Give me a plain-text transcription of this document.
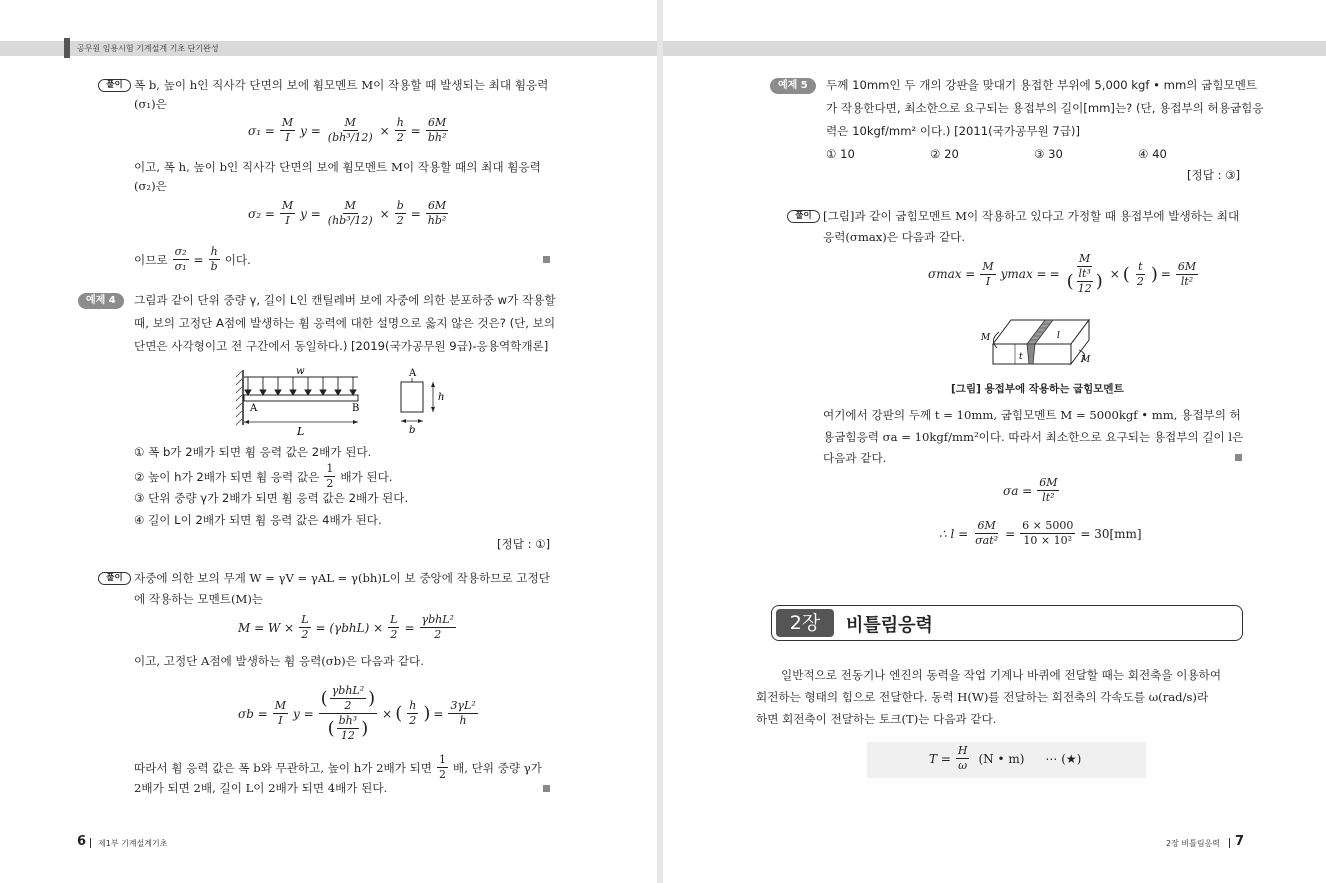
공무원 임용시험 기계설계 기초 단기완성
풀이 폭 b, 높이 h인 직사각 단면의 보에 휨모멘트 M이 작용할 때 발생되는 최대 휨응력
(σ₁)은
$\sigma_1 = \frac{M}{I}$ $y = \frac{M}{\text{(bh³/12)}} \times \frac{h}{2} = \frac{6M}{\text{bh²}}$
이고, 폭 h, 높이 b인 직사각 단면의 보에 휨모멘트 M이 작용할 때의 최대 휨응력
(σ₂)은
$\sigma_2 = \frac{M}{I}$ $y = \frac{M}{\text{(hb³/12)}} \times \frac{b}{2} = \frac{6M}{\text{hb²}}$
이므로 $\frac{\text{σ₂}}{\text{σ₁}} = \frac{h}{b}$ 이다.
예제 4	그림과 같이 단위 중량 γ, 길이 L인 캔틸레버 보에 자중에 의한 분포하중 w가 작용할
때, 보의 고정단 A점에 발생하는 휨 응력에 대한 설명으로 옳지 않은 것은? (단, 보의
단면은 사각형이고 전 구간에서 동일하다.) [2019(국가공무원 9급)-응용역학개론]
w
A	B
L
A
h
b
① 폭 b가 2배가 되면 휨 응력 값은 2배가 된다.
② 높이 h가 2배가 되면 휨 응력 값은 $\frac{1}{2}$ 배가 된다.
③ 단위 중량 γ가 2배가 되면 휨 응력 값은 2배가 된다.
④ 길이 L이 2배가 되면 휨 응력 값은 4배가 된다.
[정답 : ①]
풀이 자중에 의한 보의 무게 W = γV = γAL = γ(bh)L이 보 중앙에 작용하므로 고정단
에 작용하는 모멘트(M)는
$M = W \times \frac{L}{2} = (\gamma bhL) \times \frac{L}{2} = \frac{\text{γbhL²}}{2}$
이고, 고정단 A점에 발생하는 휨 응력(σb)은 다음과 같다.
$\sigma b = \frac{M}{I}$ $y = \frac{( \frac{\text{γbhL²}}{2} )}{( \frac{\text{bh³}}{12} )}$ × ( $\frac{h}{2}$ ) = $\frac{\text{3γL²}}{h}$
따라서 휨 응력 값은 폭 b와 무관하고, 높이 h가 2배가 되면 $\frac{1}{2}$ 배, 단위 중량 γ가
2배가 되면 2배, 길이 L이 2배가 되면 4배가 된다.
6 제1부 기계설계기초
예제 5	두께 10mm인 두 개의 강판을 맞대기 용접한 부위에 5,000 kgf • mm의 굽힘모멘트
가 작용한다면, 최소한으로 요구되는 용접부의 길이[mm]는? (단, 용접부의 허용굽힘응
력은 10kgf/mm² 이다.) [2011(국가공무원 7급)]
① 10	② 20	③ 30	④ 40
[정답 : ③]
풀이 [그림]과 같이 굽힘모멘트 M이 작용하고 있다고 가정할 때 용접부에 발생하는 최대
응력(σmax)은 다음과 같다.
$\sigma\max = \frac{M}{I}$ ymax = = $\frac{M}{( \frac{\text{lt³}}{12} )}$ × ( $\frac{t}{2}$ ) = $\frac{6M}{\text{lt²}}$
M
M
l
t
[그림] 용접부에 작용하는 굽힘모멘트
여기에서 강판의 두께 t = 10mm, 굽힘모멘트 M = 5000kgf • mm, 용접부의 허
용굽힘응력 σa = 10kgf/mm²이다. 따라서 최소한으로 요구되는 용접부의 길이 l은
다음과 같다.
$\sigma a = \frac{6M}{\text{lt²}}$
∴ $l = \frac{6M}{\text{σat²}} = \frac{6 \times 5000}{\text{10 × 10²}} = 30[mm]$
2장	비틀림응력
일반적으로 전동기나 엔진의 동력을 작업 기계나 바퀴에 전달할 때는 회전축을 이용하여
회전하는 형태의 힘으로 전달한다. 동력 H(W)를 전달하는 회전축의 각속도를 ω(rad/s)라
하면 회전축이 전달하는 토크(T)는 다음과 같다.
$T = \frac{H}{\omega} (N$ • m) ⋯ (★)
2장 비틀림응력 7
